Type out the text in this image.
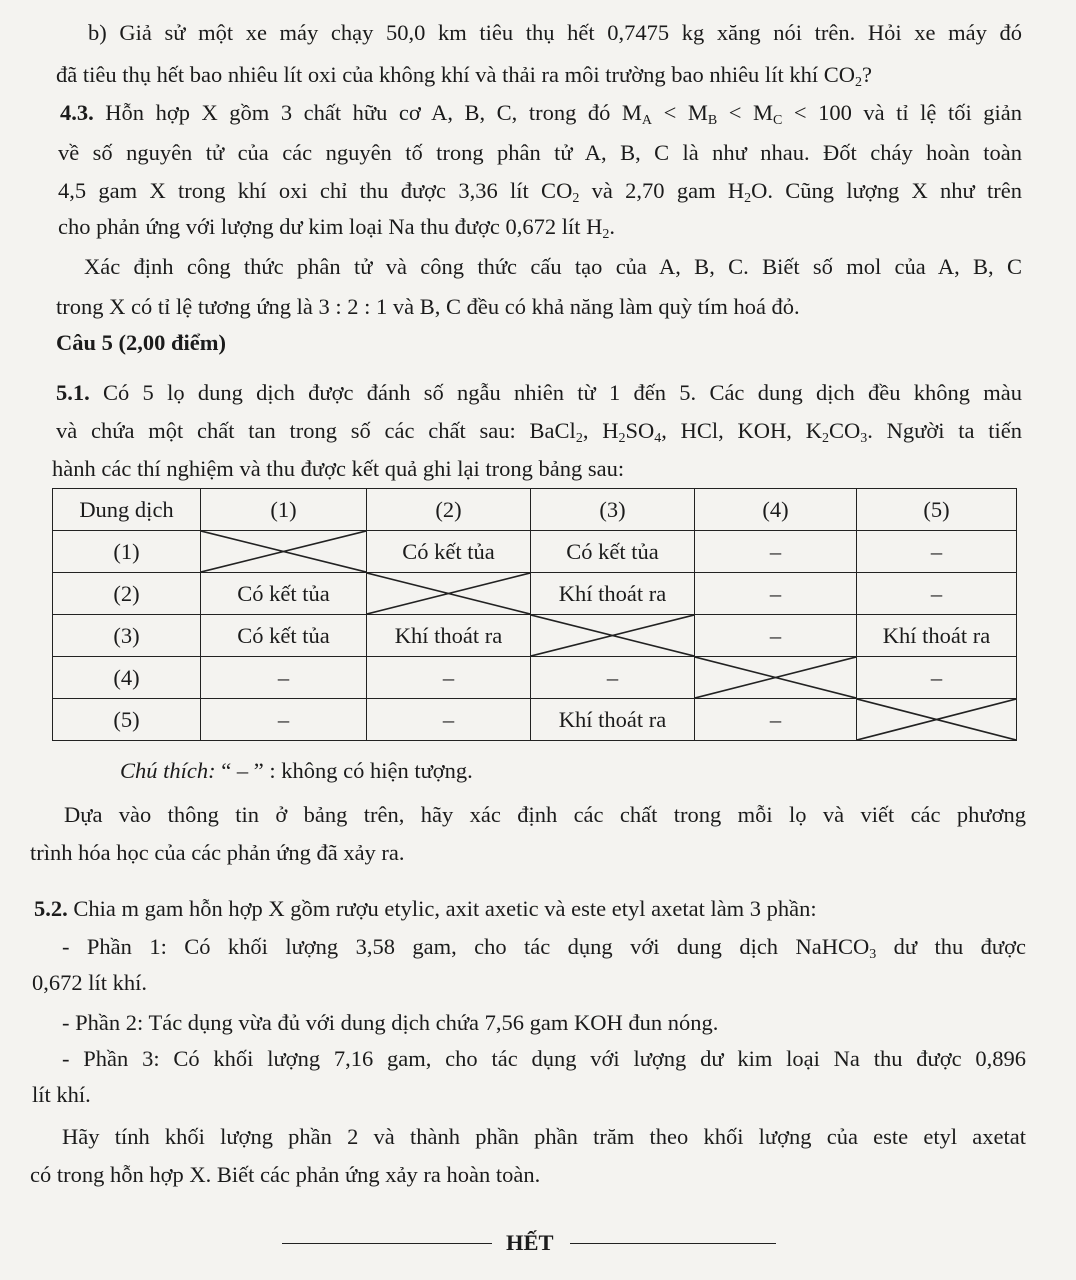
b) Giả sử một xe máy chạy 50,0 km tiêu thụ hết 0,7475 kg xăng nói trên. Hỏi xe máy đó
đã tiêu thụ hết bao nhiêu lít oxi của không khí và thải ra môi trường bao nhiêu lít khí $CO_2$?
4.3. Hỗn hợp X gồm 3 chất hữu cơ A, B, C, trong đó $M_A < M_B < M_C < 100$ và tỉ lệ tối giản
về số nguyên tử của các nguyên tố trong phân tử A, B, C là như nhau. Đốt cháy hoàn toàn
4,5 gam X trong khí oxi chỉ thu được 3,36 lít $CO_2$ và 2,70 gam $H_2O$. Cũng lượng X như trên
cho phản ứng với lượng dư kim loại Na thu được 0,672 lít $H_2$.
Xác định công thức phân tử và công thức cấu tạo của A, B, C. Biết số mol của A, B, C
trong X có tỉ lệ tương ứng là 3 : 2 : 1 và B, C đều có khả năng làm quỳ tím hoá đỏ.
Câu 5 (2,00 điểm)
5.1. Có 5 lọ dung dịch được đánh số ngẫu nhiên từ 1 đến 5. Các dung dịch đều không màu
và chứa một chất tan trong số các chất sau: BaCl$_2$, $H_2SO_4$, HCl, KOH, $K_2CO_3$. Người ta tiến
hành các thí nghiệm và thu được kết quả ghi lại trong bảng sau:
Dung dịch	(1)	(2)	(3)	(4)	(5)
(1)		Có kết tủa	Có kết tủa	–	–
(2)	Có kết tủa		Khí thoát ra	–	–
(3)	Có kết tủa	Khí thoát ra		–	Khí thoát ra
(4)	–	–	–		–
(5)	–	–	Khí thoát ra	–	
Chú thích: “ – ” : không có hiện tượng.
Dựa vào thông tin ở bảng trên, hãy xác định các chất trong mỗi lọ và viết các phương
trình hóa học của các phản ứng đã xảy ra.
5.2. Chia m gam hỗn hợp X gồm rượu etylic, axit axetic và este etyl axetat làm 3 phần:
- Phần 1: Có khối lượng 3,58 gam, cho tác dụng với dung dịch NaHCO$_3$ dư thu được
0,672 lít khí.
- Phần 2: Tác dụng vừa đủ với dung dịch chứa 7,56 gam KOH đun nóng.
- Phần 3: Có khối lượng 7,16 gam, cho tác dụng với lượng dư kim loại Na thu được 0,896
lít khí.
Hãy tính khối lượng phần 2 và thành phần phần trăm theo khối lượng của este etyl axetat
có trong hỗn hợp X. Biết các phản ứng xảy ra hoàn toàn.
HẾT
